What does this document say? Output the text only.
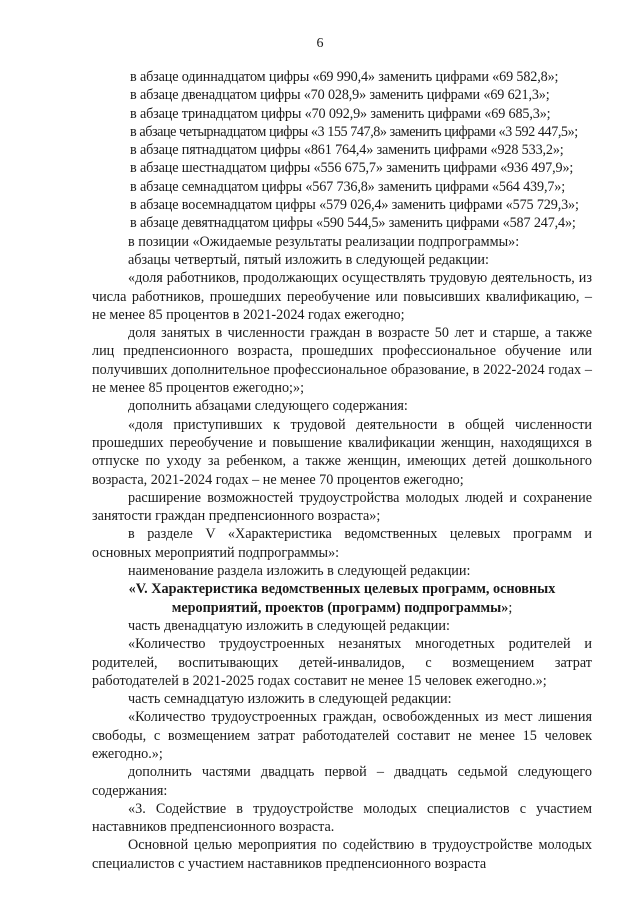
6

в абзаце одиннадцатом цифры «69 990,4» заменить цифрами «69 582,8»;

в абзаце двенадцатом цифры «70 028,9» заменить цифрами «69 621,3»;

в абзаце тринадцатом цифры «70 092,9» заменить цифрами «69 685,3»;

в абзаце четырнадцатом цифры «3 155 747,8» заменить цифрами «3 592 447,5»;

в абзаце пятнадцатом цифры «861 764,4» заменить цифрами «928 533,2»;

в абзаце шестнадцатом цифры «556 675,7» заменить цифрами «936 497,9»;

в абзаце семнадцатом цифры «567 736,8» заменить цифрами «564 439,7»;

в абзаце восемнадцатом цифры «579 026,4» заменить цифрами «575 729,3»;

в абзаце девятнадцатом цифры «590 544,5» заменить цифрами «587 247,4»;

в позиции «Ожидаемые результаты реализации подпрограммы»:

абзацы четвертый, пятый изложить в следующей редакции:

«доля работников, продолжающих осуществлять трудовую деятельность, из числа работников, прошедших переобучение или повысивших квалификацию, – не менее 85 процентов в 2021-2024 годах ежегодно;

доля занятых в численности граждан в возрасте 50 лет и старше, а также лиц предпенсионного возраста, прошедших профессиональное обучение или получивших дополнительное профессиональное образование, в 2022-2024 годах – не менее 85 процентов ежегодно;»;

дополнить абзацами следующего содержания:

«доля приступивших к трудовой деятельности в общей численности прошедших переобучение и повышение квалификации женщин, находящихся в отпуске по уходу за ребенком, а также женщин, имеющих детей дошкольного возраста, 2021-2024 годах – не менее 70 процентов ежегодно;

расширение возможностей трудоустройства молодых людей и сохранение занятости граждан предпенсионного возраста»;

в разделе V «Характеристика ведомственных целевых программ и основных мероприятий подпрограммы»:

наименование раздела изложить в следующей редакции:

«V. Характеристика ведомственных целевых программ, основных мероприятий, проектов (программ) подпрограммы»;

часть двенадцатую изложить в следующей редакции:

«Количество трудоустроенных незанятых многодетных родителей и родителей, воспитывающих детей-инвалидов, с возмещением затрат работодателей в 2021-2025 годах составит не менее 15 человек ежегодно.»;

часть семнадцатую изложить в следующей редакции:

«Количество трудоустроенных граждан, освобожденных из мест лишения свободы, с возмещением затрат работодателей составит не менее 15 человек ежегодно.»;

дополнить частями двадцать первой – двадцать седьмой следующего содержания:

«3. Содействие в трудоустройстве молодых специалистов с участием наставников предпенсионного возраста.

Основной целью мероприятия по содействию в трудоустройстве молодых специалистов с участием наставников предпенсионного возраста
